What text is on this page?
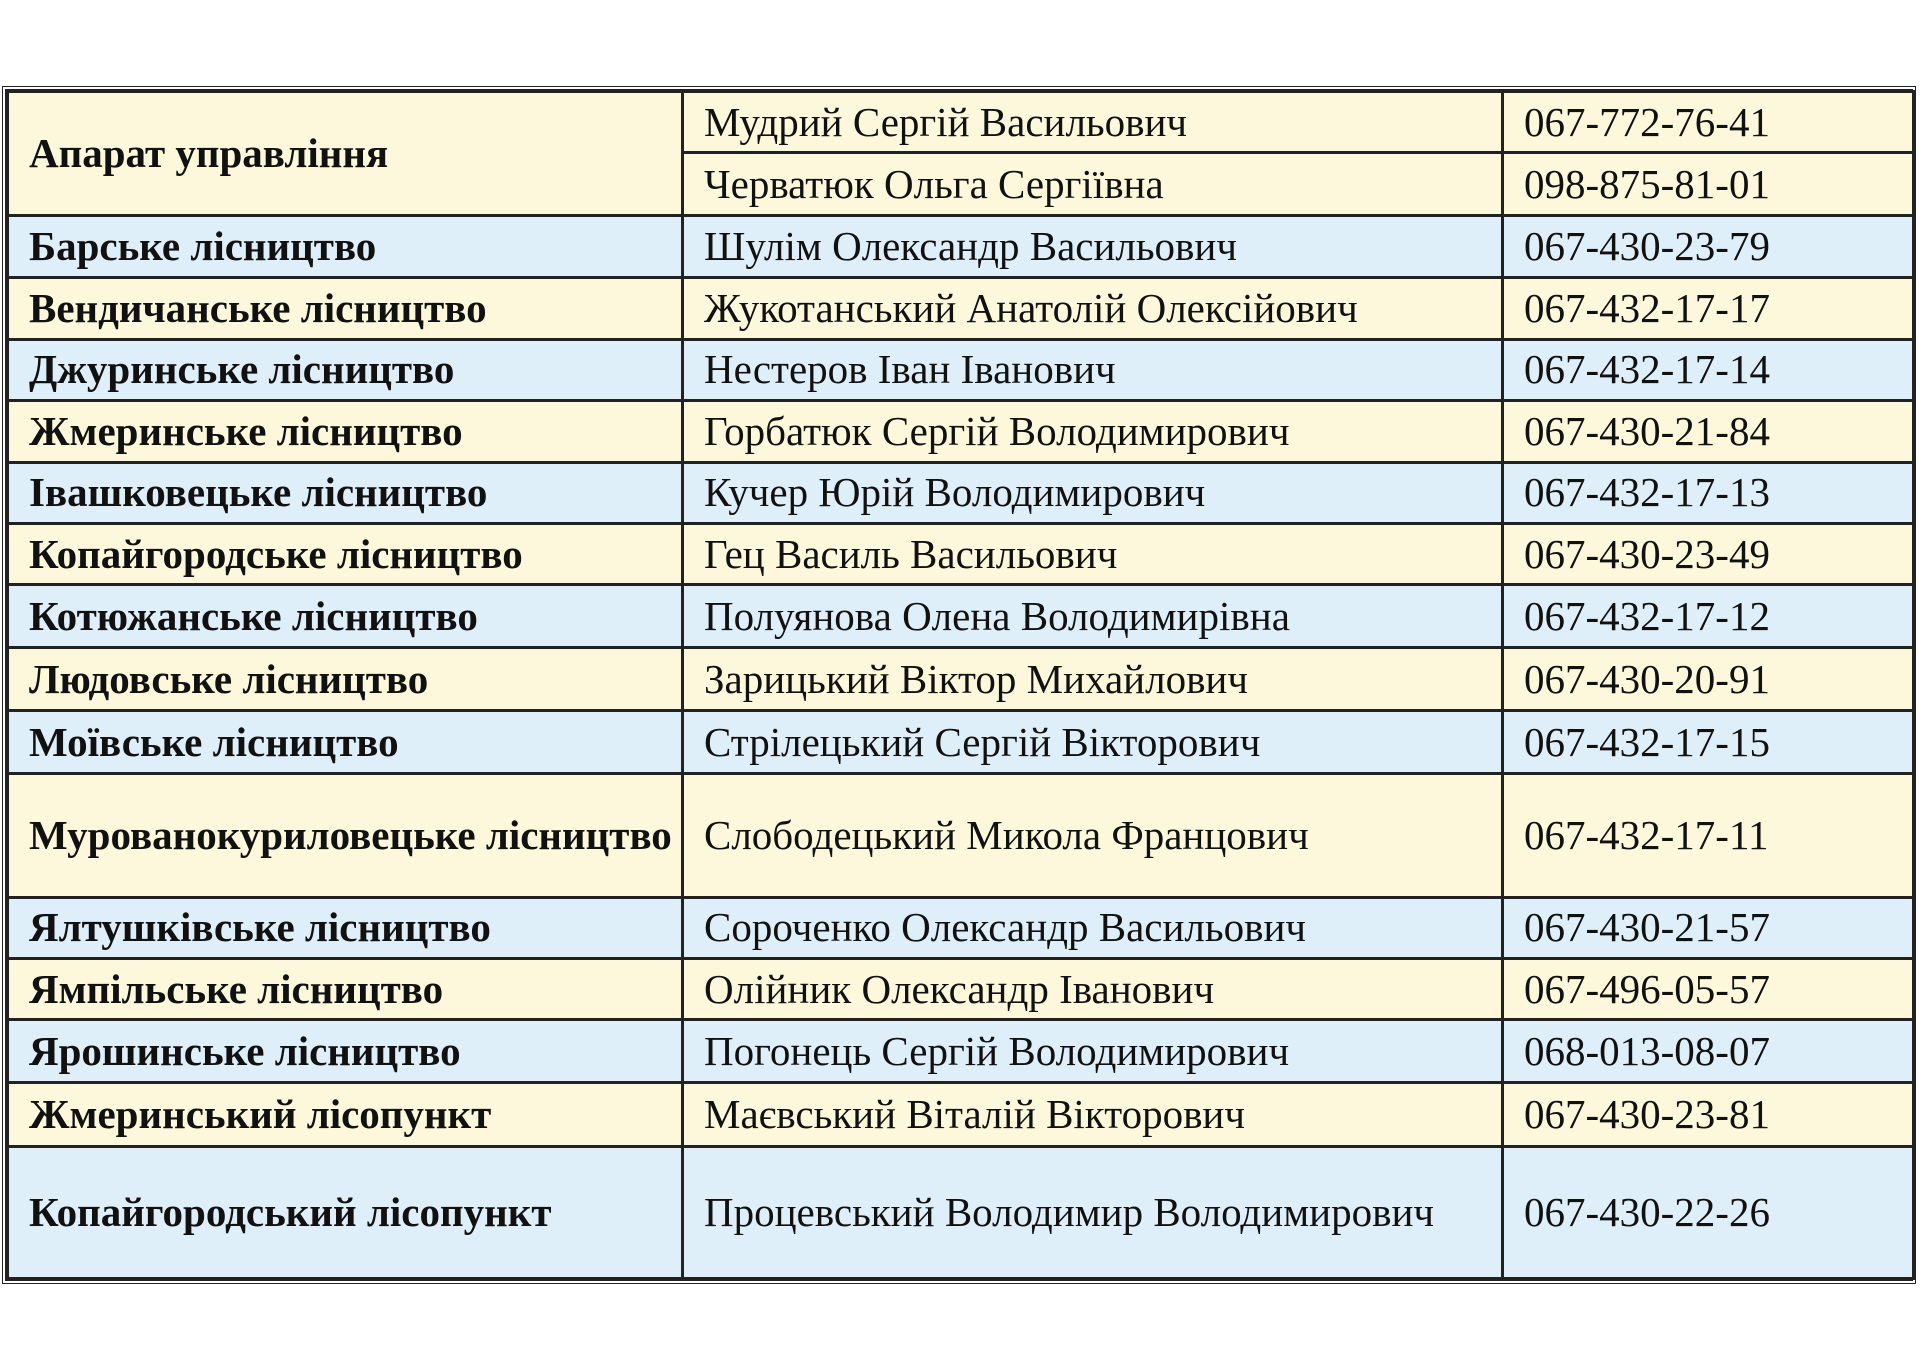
Апарат управління	Мудрий Сергій Васильович	067-772-76-41
	Черватюк Ольга Сергіївна	098-875-81-01
Барське лісництво	Шулім Олександр Васильович	067-430-23-79
Вендичанське лісництво	Жукотанський Анатолій Олексійович	067-432-17-17
Джуринське лісництво	Нестеров Іван Іванович	067-432-17-14
Жмеринське лісництво	Горбатюк Сергій Володимирович	067-430-21-84
Івашковецьке лісництво	Кучер Юрій Володимирович	067-432-17-13
Копайгородське лісництво	Гец Василь Васильович	067-430-23-49
Котюжанське лісництво	Полуянова Олена Володимирівна	067-432-17-12
Людовське лісництво	Зарицький Віктор Михайлович	067-430-20-91
Моївське лісництво	Стрілецький Сергій Вікторович	067-432-17-15
Мурованокуриловецьке лісництво	Слободецький Микола Францович	067-432-17-11
Ялтушківське лісництво	Сороченко Олександр Васильович	067-430-21-57
Ямпільське лісництво	Олійник Олександр Іванович	067-496-05-57
Ярошинське лісництво	Погонець Сергій Володимирович	068-013-08-07
Жмеринський лісопункт	Маєвський Віталій Вікторович	067-430-23-81
Копайгородський лісопункт	Процевський Володимир Володимирович	067-430-22-26
